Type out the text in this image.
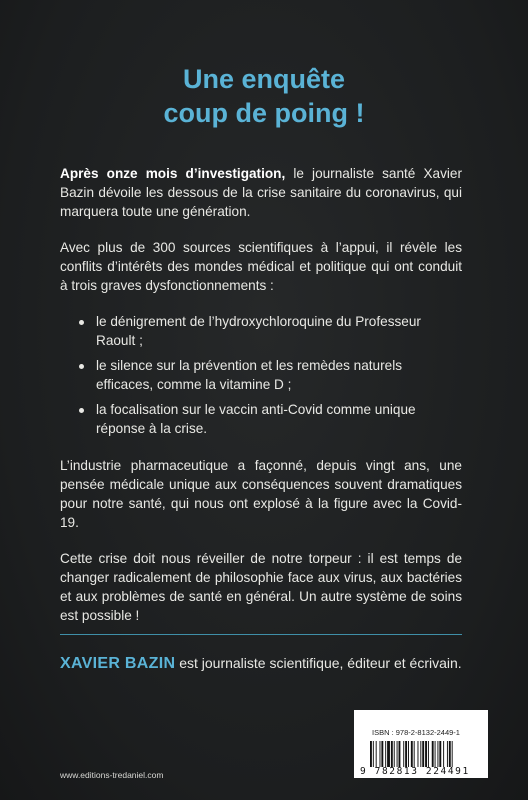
Une enquête
coup de poing !

Après onze mois d’investigation, le journaliste santé Xavier Bazin dévoile les dessous de la crise sanitaire du coronavirus, qui marquera toute une génération.

Avec plus de 300 sources scientifiques à l’appui, il révèle les conflits d’intérêts des mondes médical et politique qui ont conduit à trois graves dysfonctionnements :

le dénigrement de l’hydroxychloroquine du Professeur Raoult ;
le silence sur la prévention et les remèdes naturels efficaces, comme la vitamine D ;
la focalisation sur le vaccin anti-Covid comme unique réponse à la crise.

L’industrie pharmaceutique a façonné, depuis vingt ans, une pensée médicale unique aux conséquences souvent dramatiques pour notre santé, qui nous ont explosé à la figure avec la Covid-19.

Cette crise doit nous réveiller de notre torpeur : il est temps de changer radicalement de philosophie face aux virus, aux bactéries et aux problèmes de santé en général. Un autre système de soins est possible !

XAVIER BAZIN est journaliste scientifique, éditeur et écrivain.
ISBN : 978-2-8132-2449-1
9 782813 224491
www.editions-tredaniel.com
